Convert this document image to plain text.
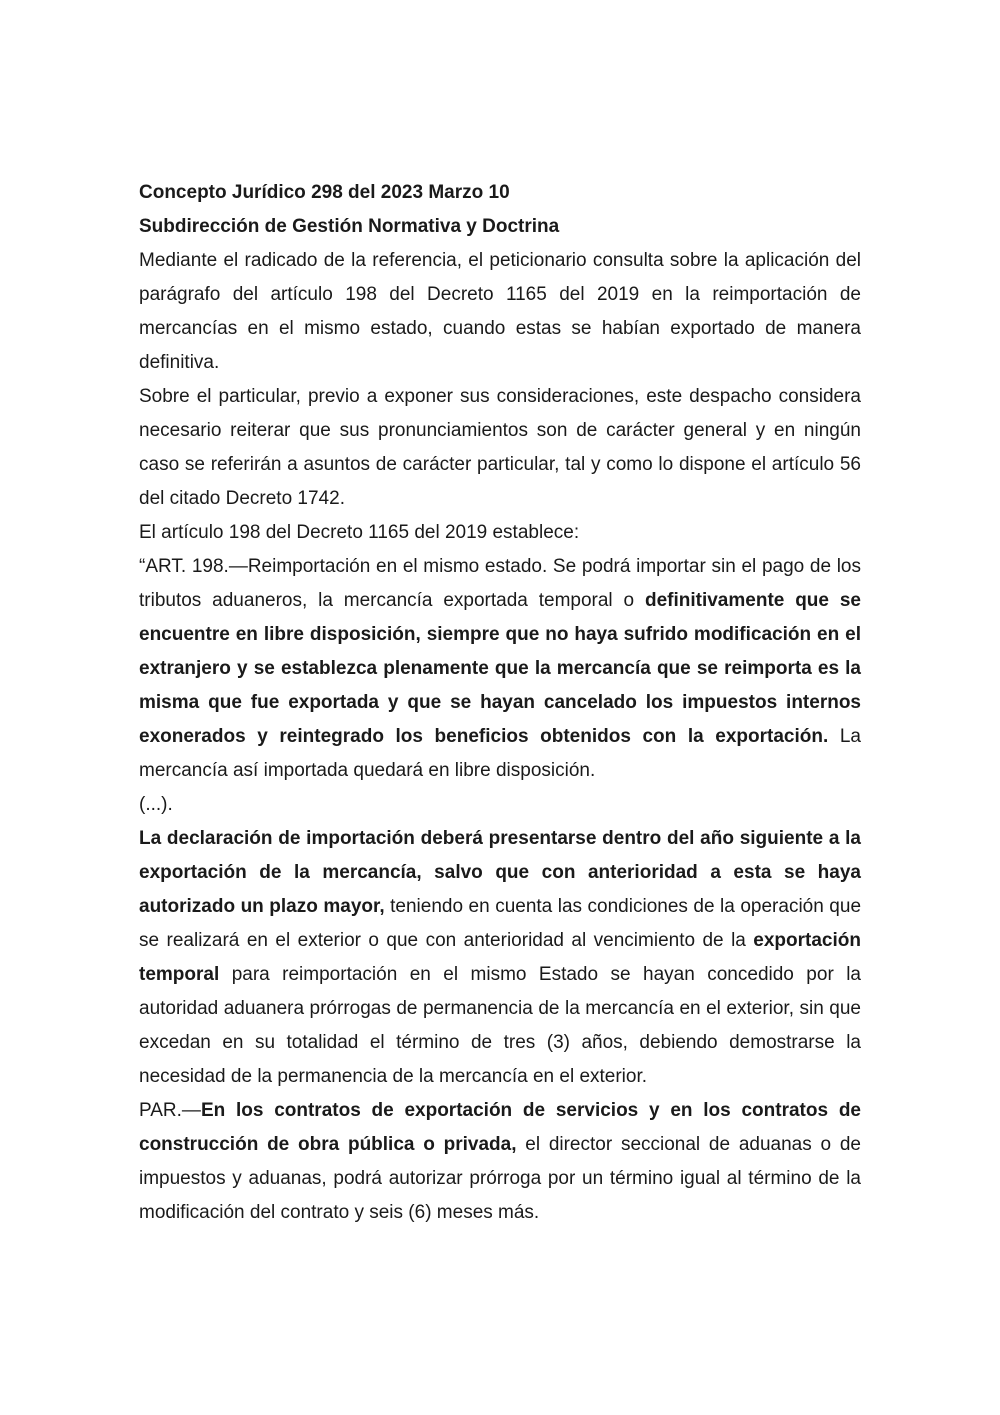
Concepto Jurídico 298 del 2023 Marzo 10

Subdirección de Gestión Normativa y Doctrina

Mediante el radicado de la referencia, el peticionario consulta sobre la aplicación del parágrafo del artículo 198 del Decreto 1165 del 2019 en la reimportación de mercancías en el mismo estado, cuando estas se habían exportado de manera definitiva.

Sobre el particular, previo a exponer sus consideraciones, este despacho considera necesario reiterar que sus pronunciamientos son de carácter general y en ningún caso se referirán a asuntos de carácter particular, tal y como lo dispone el artículo 56 del citado Decreto 1742.

El artículo 198 del Decreto 1165 del 2019 establece:

“ART. 198.—Reimportación en el mismo estado. Se podrá importar sin el pago de los tributos aduaneros, la mercancía exportada temporal o definitivamente que se encuentre en libre disposición, siempre que no haya sufrido modificación en el extranjero y se establezca plenamente que la mercancía que se reimporta es la misma que fue exportada y que se hayan cancelado los impuestos internos exonerados y reintegrado los beneficios obtenidos con la exportación. La mercancía así importada quedará en libre disposición.

(...).

La declaración de importación deberá presentarse dentro del año siguiente a la exportación de la mercancía, salvo que con anterioridad a esta se haya autorizado un plazo mayor, teniendo en cuenta las condiciones de la operación que se realizará en el exterior o que con anterioridad al vencimiento de la exportación temporal para reimportación en el mismo Estado se hayan concedido por la autoridad aduanera prórrogas de permanencia de la mercancía en el exterior, sin que excedan en su totalidad el término de tres (3) años, debiendo demostrarse la necesidad de la permanencia de la mercancía en el exterior.

PAR.—En los contratos de exportación de servicios y en los contratos de construcción de obra pública o privada, el director seccional de aduanas o de impuestos y aduanas, podrá autorizar prórroga por un término igual al término de la modificación del contrato y seis (6) meses más.
